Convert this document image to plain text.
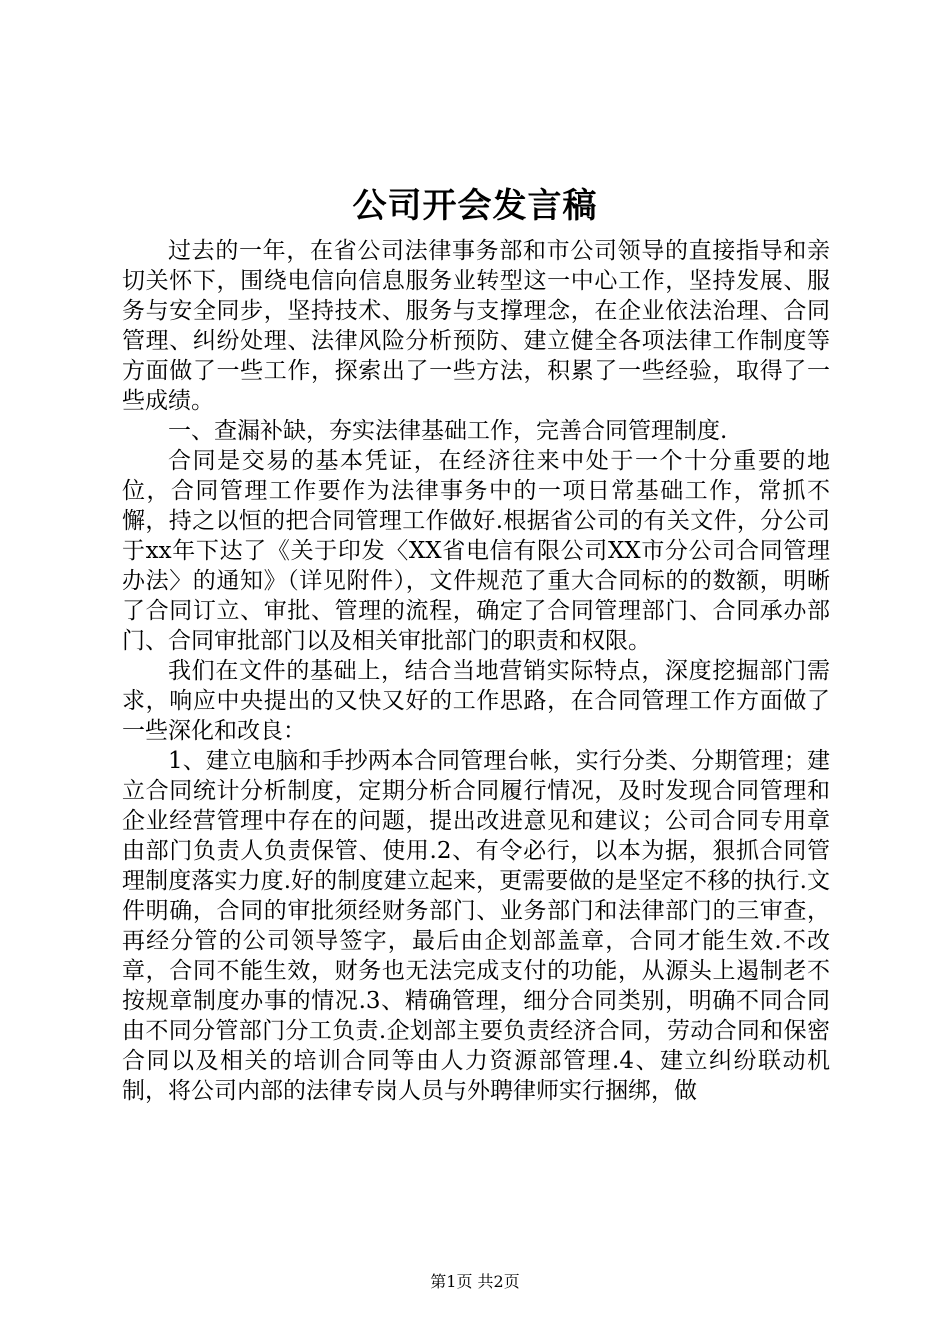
公司开会发言稿

过去的一年，在省公司法律事务部和市公司领导的直接指导和亲切关怀下，围绕电信向信息服务业转型这一中心工作，坚持发展、服务与安全同步，坚持技术、服务与支撑理念，在企业依法治理、合同管理、纠纷处理、法律风险分析预防、建立健全各项法律工作制度等方面做了一些工作，探索出了一些方法，积累了一些经验，取得了一些成绩。

一、查漏补缺，夯实法律基础工作，完善合同管理制度.

合同是交易的基本凭证，在经济往来中处于一个十分重要的地位，合同管理工作要作为法律事务中的一项日常基础工作，常抓不懈，持之以恒的把合同管理工作做好.根据省公司的有关文件，分公司于xx年下达了《关于印发〈XX省电信有限公司XX市分公司合同管理办法〉的通知》（详见附件），文件规范了重大合同标的的数额，明晰了合同订立、审批、管理的流程，确定了合同管理部门、合同承办部门、合同审批部门以及相关审批部门的职责和权限。

我们在文件的基础上，结合当地营销实际特点，深度挖掘部门需求，响应中央提出的又快又好的工作思路，在合同管理工作方面做了一些深化和改良：

1、建立电脑和手抄两本合同管理台帐，实行分类、分期管理；建立合同统计分析制度，定期分析合同履行情况，及时发现合同管理和企业经营管理中存在的问题，提出改进意见和建议；公司合同专用章由部门负责人负责保管、使用.2、有令必行，以本为据，狠抓合同管理制度落实力度.好的制度建立起来，更需要做的是坚定不移的执行.文件明确，合同的审批须经财务部门、业务部门和法律部门的三审查，再经分管的公司领导签字，最后由企划部盖章，合同才能生效.不改章，合同不能生效，财务也无法完成支付的功能，从源头上遏制老不按规章制度办事的情况.3、精确管理，细分合同类别，明确不同合同由不同分管部门分工负责.企划部主要负责经济合同，劳动合同和保密合同以及相关的培训合同等由人力资源部管理.4、建立纠纷联动机制，将公司内部的法律专岗人员与外聘律师实行捆绑，做

第1页 共2页
